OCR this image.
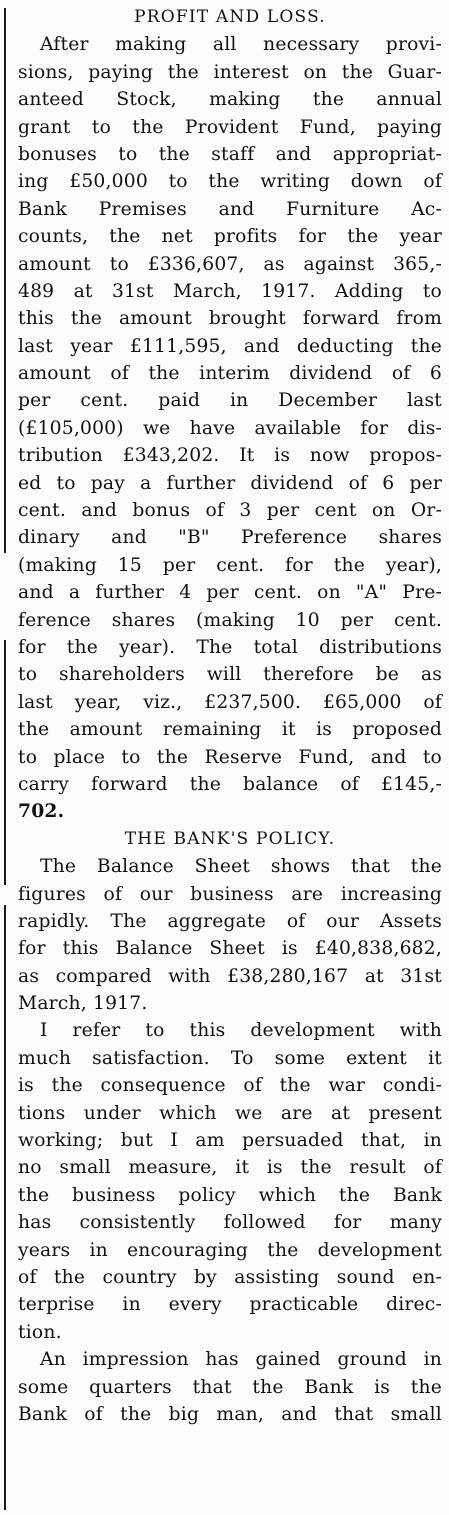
PROFIT AND LOSS.
After making all necessary provi-
sions, paying the interest on the Guar-
anteed Stock, making the annual
grant to the Provident Fund, paying
bonuses to the staff and appropriat-
ing £50,000 to the writing down of
Bank Premises and Furniture Ac-
counts, the net profits for the year
amount to £336,607, as against 365,-
489 at 31st March, 1917. Adding to
this the amount brought forward from
last year £111,595, and deducting the
amount of the interim dividend of 6
per cent. paid in December last
(£105,000) we have available for dis-
tribution £343,202. It is now propos-
ed to pay a further dividend of 6 per
cent. and bonus of 3 per cent on Or-
dinary and "B" Preference shares
(making 15 per cent. for the year),
and a further 4 per cent. on "A" Pre-
ference shares (making 10 per cent.
for the year). The total distributions
to shareholders will therefore be as
last year, viz., £237,500. £65,000 of
the amount remaining it is proposed
to place to the Reserve Fund, and to
carry forward the balance of £145,-
702.
THE BANK'S POLICY.
The Balance Sheet shows that the
figures of our business are increasing
rapidly. The aggregate of our Assets
for this Balance Sheet is £40,838,682,
as compared with £38,280,167 at 31st
March, 1917.
I refer to this development with
much satisfaction. To some extent it
is the consequence of the war condi-
tions under which we are at present
working; but I am persuaded that, in
no small measure, it is the result of
the business policy which the Bank
has consistently followed for many
years in encouraging the development
of the country by assisting sound en-
terprise in every practicable direc-
tion.
An impression has gained ground in
some quarters that the Bank is the
Bank of the big man, and that small
